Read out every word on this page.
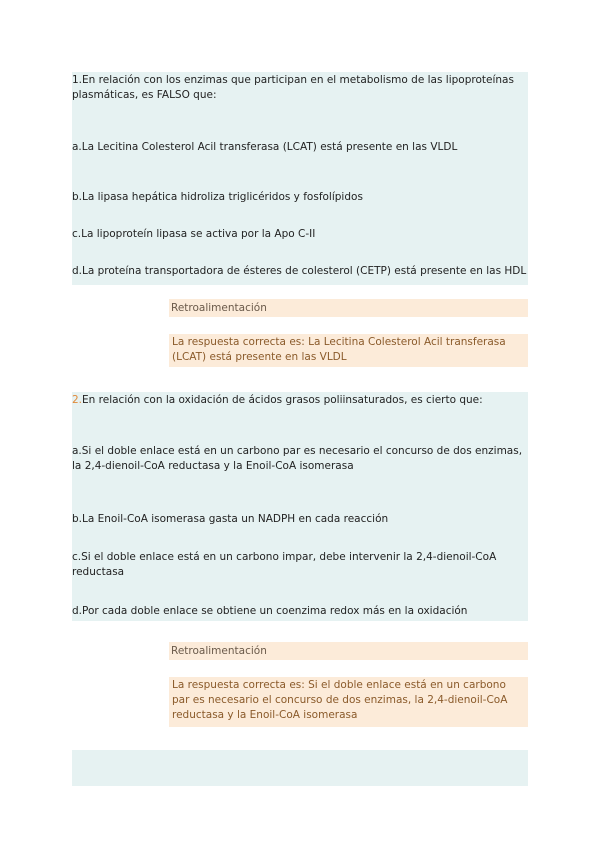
1.En relación con los enzimas que participan en el metabolismo de las lipoproteínas plasmáticas, es FALSO que:
a.La Lecitina Colesterol Acil transferasa (LCAT) está presente en las VLDL
b.La lipasa hepática hidroliza triglicéridos y fosfolípidos
c.La lipoproteín lipasa se activa por la Apo C-II
d.La proteína transportadora de ésteres de colesterol (CETP) está presente en las HDL
Retroalimentación
La respuesta correcta es: La Lecitina Colesterol Acil transferasa (LCAT) está presente en las VLDL
2.En relación con la oxidación de ácidos grasos poliinsaturados, es cierto que:
a.Si el doble enlace está en un carbono par es necesario el concurso de dos enzimas, la 2,4-dienoil-CoA reductasa y la Enoil-CoA isomerasa
b.La Enoil-CoA isomerasa gasta un NADPH en cada reacción
c.Si el doble enlace está en un carbono impar, debe intervenir la 2,4-dienoil-CoA reductasa
d.Por cada doble enlace se obtiene un coenzima redox más en la oxidación
Retroalimentación
La respuesta correcta es: Si el doble enlace está en un carbono par es necesario el concurso de dos enzimas, la 2,4-dienoil-CoA reductasa y la Enoil-CoA isomerasa
